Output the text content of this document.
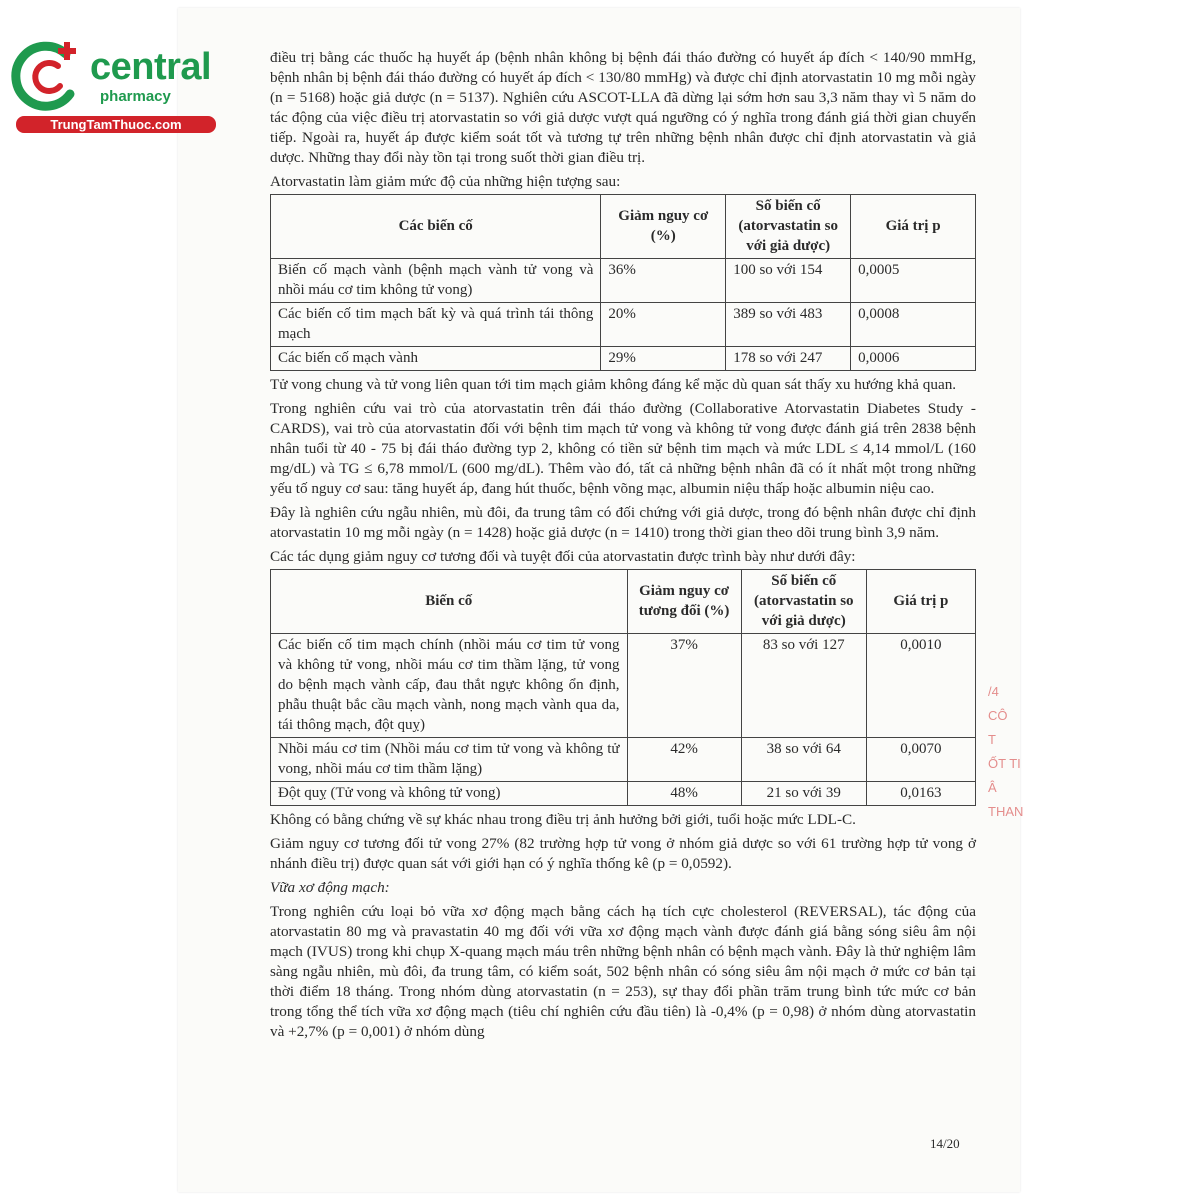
central
pharmacy
TrungTamThuoc.com

điều trị bằng các thuốc hạ huyết áp (bệnh nhân không bị bệnh đái tháo đường có huyết áp đích < 140/90 mmHg, bệnh nhân bị bệnh đái tháo đường có huyết áp đích < 130/80 mmHg) và được chỉ định atorvastatin 10 mg mỗi ngày (n = 5168) hoặc giả dược (n = 5137). Nghiên cứu ASCOT-LLA đã dừng lại sớm hơn sau 3,3 năm thay vì 5 năm do tác động của việc điều trị atorvastatin so với giả dược vượt quá ngưỡng có ý nghĩa trong đánh giá thời gian chuyển tiếp. Ngoài ra, huyết áp được kiểm soát tốt và tương tự trên những bệnh nhân được chỉ định atorvastatin và giả dược. Những thay đổi này tồn tại trong suốt thời gian điều trị.

Atorvastatin làm giảm mức độ của những hiện tượng sau:

Các biến cố	Giảm nguy cơ (%)	Số biến cố (atorvastatin so với giả dược)	Giá trị p
Biến cố mạch vành (bệnh mạch vành tử vong và nhồi máu cơ tim không tử vong)	36%	100 so với 154	0,0005
Các biến cố tim mạch bất kỳ và quá trình tái thông mạch	20%	389 so với 483	0,0008
Các biến cố mạch vành	29%	178 so với 247	0,0006

Tử vong chung và tử vong liên quan tới tim mạch giảm không đáng kể mặc dù quan sát thấy xu hướng khả quan.

Trong nghiên cứu vai trò của atorvastatin trên đái tháo đường (Collaborative Atorvastatin Diabetes Study - CARDS), vai trò của atorvastatin đối với bệnh tim mạch tử vong và không tử vong được đánh giá trên 2838 bệnh nhân tuổi từ 40 - 75 bị đái tháo đường typ 2, không có tiền sử bệnh tim mạch và mức LDL ≤ 4,14 mmol/L (160 mg/dL) và TG ≤ 6,78 mmol/L (600 mg/dL). Thêm vào đó, tất cả những bệnh nhân đã có ít nhất một trong những yếu tố nguy cơ sau: tăng huyết áp, đang hút thuốc, bệnh võng mạc, albumin niệu thấp hoặc albumin niệu cao.

Đây là nghiên cứu ngẫu nhiên, mù đôi, đa trung tâm có đối chứng với giả dược, trong đó bệnh nhân được chỉ định atorvastatin 10 mg mỗi ngày (n = 1428) hoặc giả dược (n = 1410) trong thời gian theo dõi trung bình 3,9 năm.

Các tác dụng giảm nguy cơ tương đối và tuyệt đối của atorvastatin được trình bày như dưới đây:

Biến cố	Giảm nguy cơ tương đối (%)	Số biến cố (atorvastatin so với giả dược)	Giá trị p
Các biến cố tim mạch chính (nhồi máu cơ tim tử vong và không tử vong, nhồi máu cơ tim thầm lặng, tử vong do bệnh mạch vành cấp, đau thắt ngực không ổn định, phẫu thuật bắc cầu mạch vành, nong mạch vành qua da, tái thông mạch, đột quỵ)	37%	83 so với 127	0,0010
Nhồi máu cơ tim (Nhồi máu cơ tim tử vong và không tử vong, nhồi máu cơ tim thầm lặng)	42%	38 so với 64	0,0070
Đột quỵ (Tử vong và không tử vong)	48%	21 so với 39	0,0163

Không có bằng chứng về sự khác nhau trong điều trị ảnh hưởng bởi giới, tuổi hoặc mức LDL-C.

Giảm nguy cơ tương đối tử vong 27% (82 trường hợp tử vong ở nhóm giả dược so với 61 trường hợp tử vong ở nhánh điều trị) được quan sát với giới hạn có ý nghĩa thống kê (p = 0,0592).

Vữa xơ động mạch:

Trong nghiên cứu loại bỏ vữa xơ động mạch bằng cách hạ tích cực cholesterol (REVERSAL), tác động của atorvastatin 80 mg và pravastatin 40 mg đối với vữa xơ động mạch vành được đánh giá bằng sóng siêu âm nội mạch (IVUS) trong khi chụp X-quang mạch máu trên những bệnh nhân có bệnh mạch vành. Đây là thử nghiệm lâm sàng ngẫu nhiên, mù đôi, đa trung tâm, có kiểm soát, 502 bệnh nhân có sóng siêu âm nội mạch ở mức cơ bản tại thời điểm 18 tháng. Trong nhóm dùng atorvastatin (n = 253), sự thay đổi phần trăm trung bình tức mức cơ bản trong tổng thể tích vữa xơ động mạch (tiêu chí nghiên cứu đầu tiên) là -0,4% (p = 0,98) ở nhóm dùng atorvastatin và +2,7% (p = 0,001) ở nhóm dùng

14/20
/4
CÔ
T
ỐT TI
Â
THAN
